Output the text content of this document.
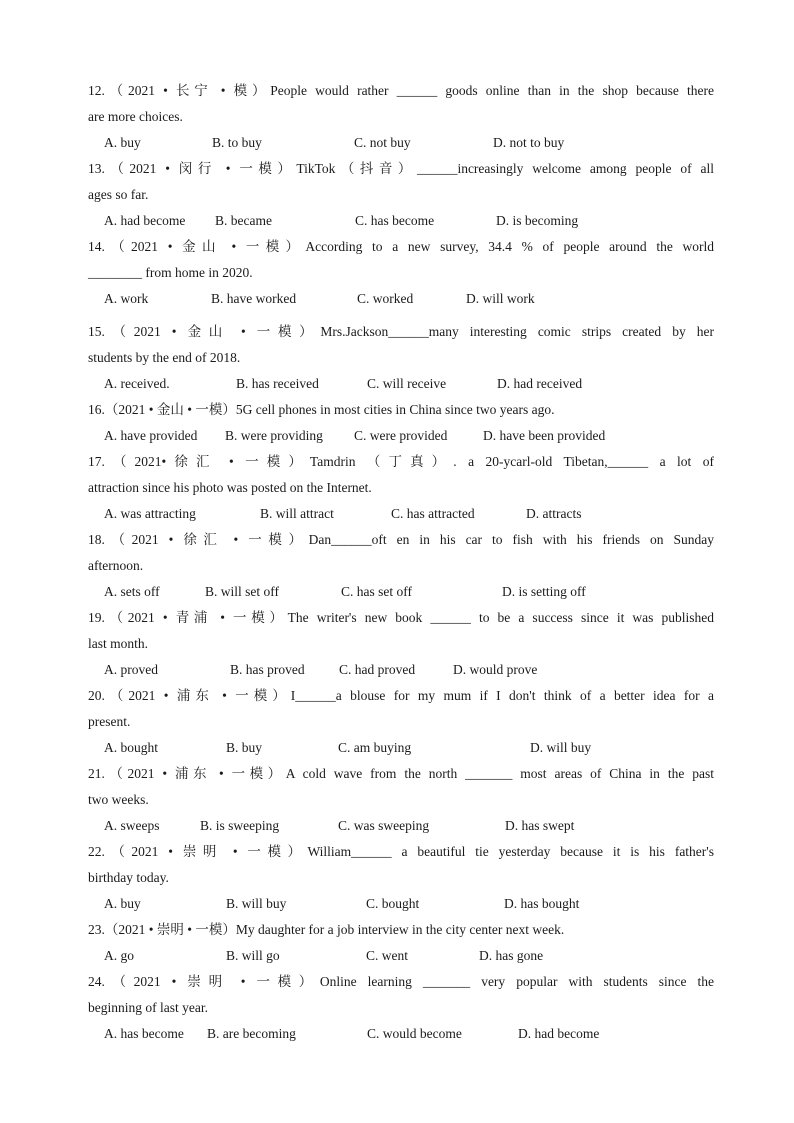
12.（2021 • 长宁 • 模）People would rather ______ goods online than in the shop because there
are more choices.
A. buy	B. to buy	C. not buy	D. not to buy
13.（2021 • 闵行 • 一模）TikTok（抖音）______increasingly welcome among people of all
ages so far.
A. had become B. became	C. has become	D. is becoming
14.（2021 • 金山 • 一模）According to a new survey, 34.4 % of people around the world
________ from home in 2020.
A. work	B. have worked	C. worked	D. will work
15.（2021 • 金山 • 一模）Mrs.Jackson______many interesting comic strips created by her
students by the end of 2018.
A. received.	B. has received	C. will receive	D. had received
16.（2021 • 金山 • 一模）5G cell phones in most cities in China since two years ago.
A. have provided B. were providing C. were provided	D. have been provided
17.（2021•徐汇 • 一模）Tamdrin （丁真）. a 20-ycarl-old Tibetan,______ a lot of
attraction since his photo was posted on the Internet.
A. was attracting	B. will attract	C. has attracted	D. attracts
18.（2021 • 徐汇 • 一模）Dan______oft en in his car to fish with his friends on Sunday
afternoon.
A. sets off	B. will set off	C. has set off	D. is setting off
19.（2021 • 青浦 • 一模）The writer's new book ______ to be a success since it was published
last month.
A. proved	B. has proved	C. had proved	D. would prove
20.（2021 • 浦东 • 一模）I______a blouse for my mum if I don't think of a better idea for a
present.
A. bought	B. buy	C. am buying	D. will buy
21.（2021 • 浦东 • 一模）A cold wave from the north _______ most areas of China in the past
two weeks.
A. sweeps	B. is sweeping	C. was sweeping	D. has swept
22.（2021 • 崇明 • 一模）William______ a beautiful tie yesterday because it is his father's
birthday today.
A. buy	B. will buy	C. bought	D. has bought
23.（2021 • 崇明 • 一模）My daughter for a job interview in the city center next week.
A. go	B. will go	C. went	D. has gone
24.（2021 • 崇明 • 一模）Online learning _______ very popular with students since the
beginning of last year.
A. has become B. are becoming	C. would become	D. had become
